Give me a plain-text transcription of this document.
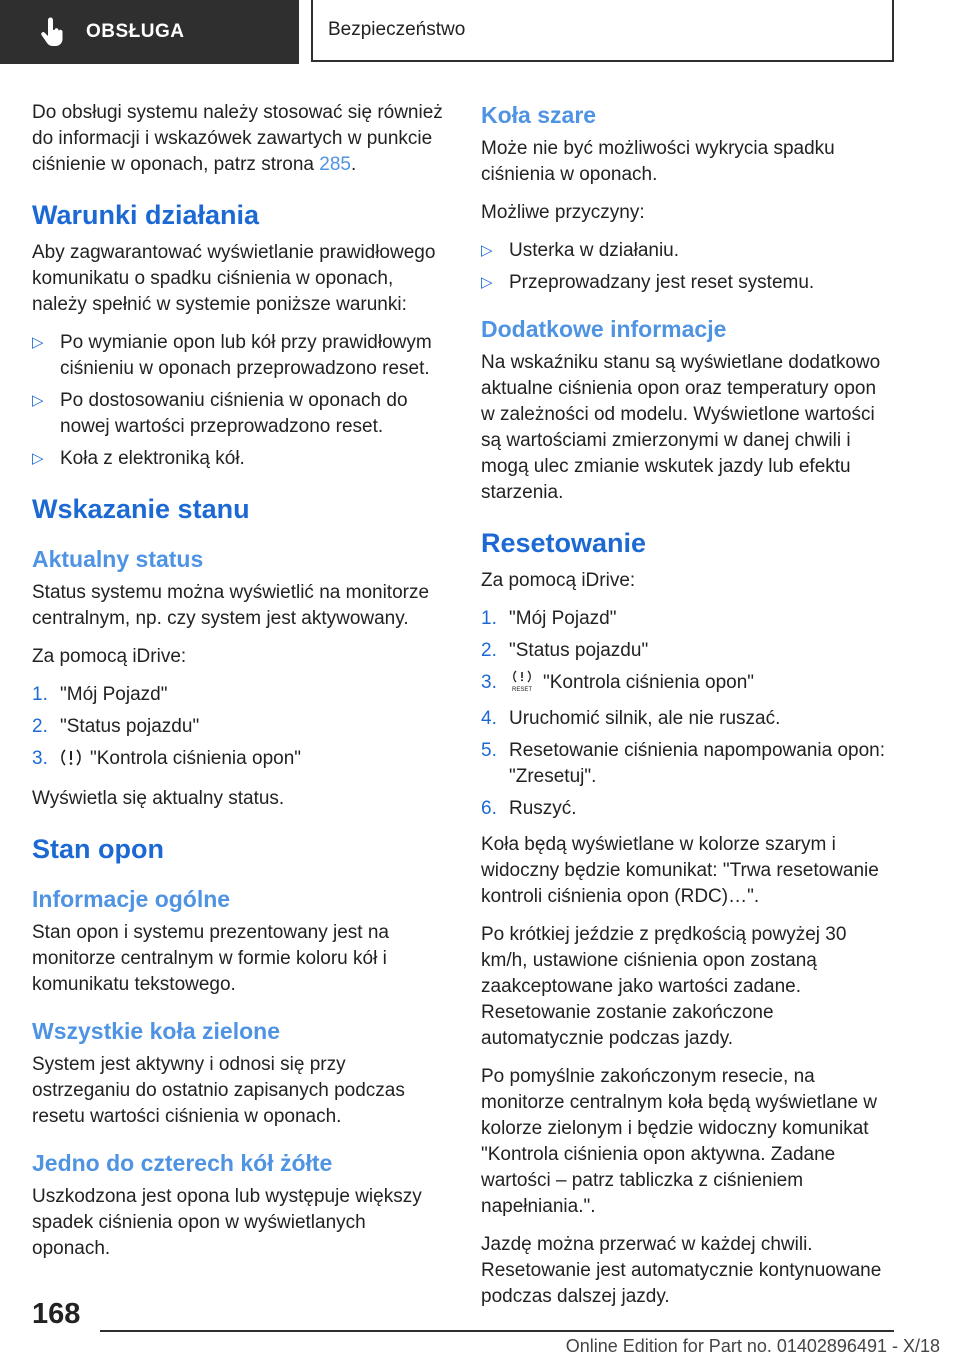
OBSŁUGA	Bezpieczeństwo

Do obsługi systemu należy stosować się również do informacji i wskazówek zawartych w punkcie ciśnienie w oponach, patrz strona 285.

Warunki działania

Aby zagwarantować wyświetlanie prawidłowego komunikatu o spadku ciśnienia w oponach, należy spełnić w systemie poniższe warunki:

▷ Po wymianie opon lub kół przy prawidłowym ciśnieniu w oponach przeprowadzono reset.
▷ Po dostosowaniu ciśnienia w oponach do nowej wartości przeprowadzono reset.
▷ Koła z elektroniką kół.
Wskazanie stanu
Aktualny status

Status systemu można wyświetlić na monitorze centralnym, np. czy system jest aktywowany.

Za pomocą iDrive:

1. "Mój Pojazd"
2. "Status pojazdu"
3. "Kontrola ciśnienia opon"

Wyświetla się aktualny status.

Stan opon
Informacje ogólne

Stan opon i systemu prezentowany jest na monitorze centralnym w formie koloru kół i komunikatu tekstowego.

Wszystkie koła zielone

System jest aktywny i odnosi się przy ostrzeganiu do ostatnio zapisanych podczas resetu wartości ciśnienia w oponach.

Jedno do czterech kół żółte

Uszkodzona jest opona lub występuje większy spadek ciśnienia opon w wyświetlanych oponach.

Koła szare

Może nie być możliwości wykrycia spadku ciśnienia w oponach.

Możliwe przyczyny:

▷ Usterka w działaniu.
▷ Przeprowadzany jest reset systemu.
Dodatkowe informacje

Na wskaźniku stanu są wyświetlane dodatkowo aktualne ciśnienia opon oraz temperatury opon w zależności od modelu. Wyświetlone wartości są wartościami zmierzonymi w danej chwili i mogą ulec zmianie wskutek jazdy lub efektu starzenia.

Resetowanie

Za pomocą iDrive:

1. "Mój Pojazd"
2. "Status pojazdu"
3.	RESET "Kontrola ciśnienia opon"
4. Uruchomić silnik, ale nie ruszać.
5. Resetowanie ciśnienia napompowania opon: "Zresetuj".
6. Ruszyć.

Koła będą wyświetlane w kolorze szarym i widoczny będzie komunikat: "Trwa resetowanie kontroli ciśnienia opon (RDC)…".

Po krótkiej jeździe z prędkością powyżej 30 km/h, ustawione ciśnienia opon zostaną zaakceptowane jako wartości zadane. Resetowanie zostanie zakończone automatycznie podczas jazdy.

Po pomyślnie zakończonym resecie, na monitorze centralnym koła będą wyświetlane w kolorze zielonym i będzie widoczny komunikat "Kontrola ciśnienia opon aktywna. Zadane wartości – patrz tabliczka z ciśnieniem napełniania.".

Jazdę można przerwać w każdej chwili. Resetowanie jest automatycznie kontynuowane podczas dalszej jazdy.

168
Online Edition for Part no. 01402896491 - X/18
